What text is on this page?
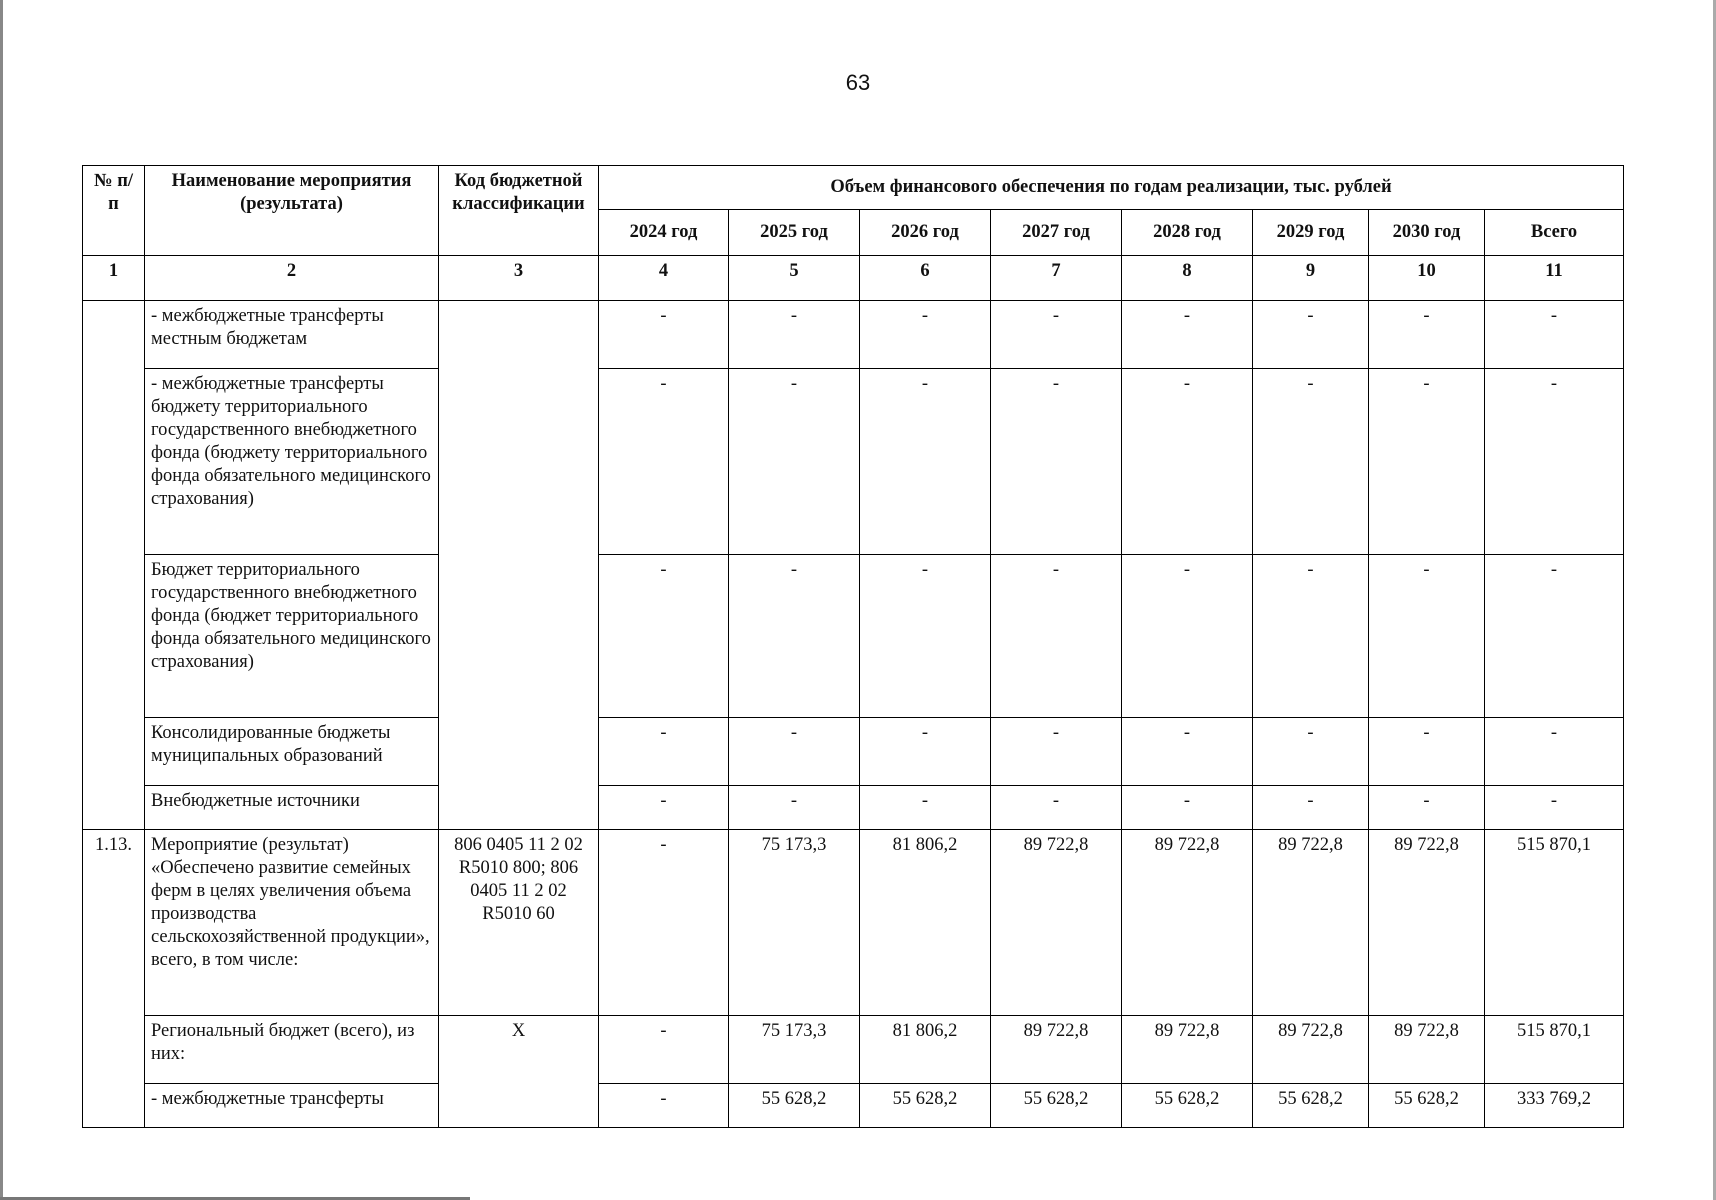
63
№ п/п	Наименование мероприятия (результата)	Код бюджетной классификации	Объем финансового обеспечения по годам реализации, тыс. рублей							
			2024 год	2025 год	2026 год	2027 год	2028 год	2029 год	2030 год	Всего
1	2	3	4	5	6	7	8	9	10	11
	- межбюджетные трансферты местным бюджетам		-	-	-	-	-	-	-	-
	- межбюджетные трансферты бюджету территориального государственного внебюджетного фонда (бюджету территориального фонда обязательного медицинского страхования)		-	-	-	-	-	-	-	-
	Бюджет территориального государственного внебюджетного фонда (бюджет территориального фонда обязательного медицинского страхования)		-	-	-	-	-	-	-	-
	Консолидированные бюджеты муниципальных образований		-	-	-	-	-	-	-	-
	Внебюджетные источники		-	-	-	-	-	-	-	-
1.13.	Мероприятие (результат) «Обеспечено развитие семейных ферм в целях увеличения объема производства сельскохозяйственной продукции», всего, в том числе:	806 0405 11 2 02 R5010 800; 806 0405 11 2 02 R5010 60	-	75 173,3	81 806,2	89 722,8	89 722,8	89 722,8	89 722,8	515 870,1
	Региональный бюджет (всего), из них:	X	-	75 173,3	81 806,2	89 722,8	89 722,8	89 722,8	89 722,8	515 870,1
	- межбюджетные трансферты		-	55 628,2	55 628,2	55 628,2	55 628,2	55 628,2	55 628,2	333 769,2
